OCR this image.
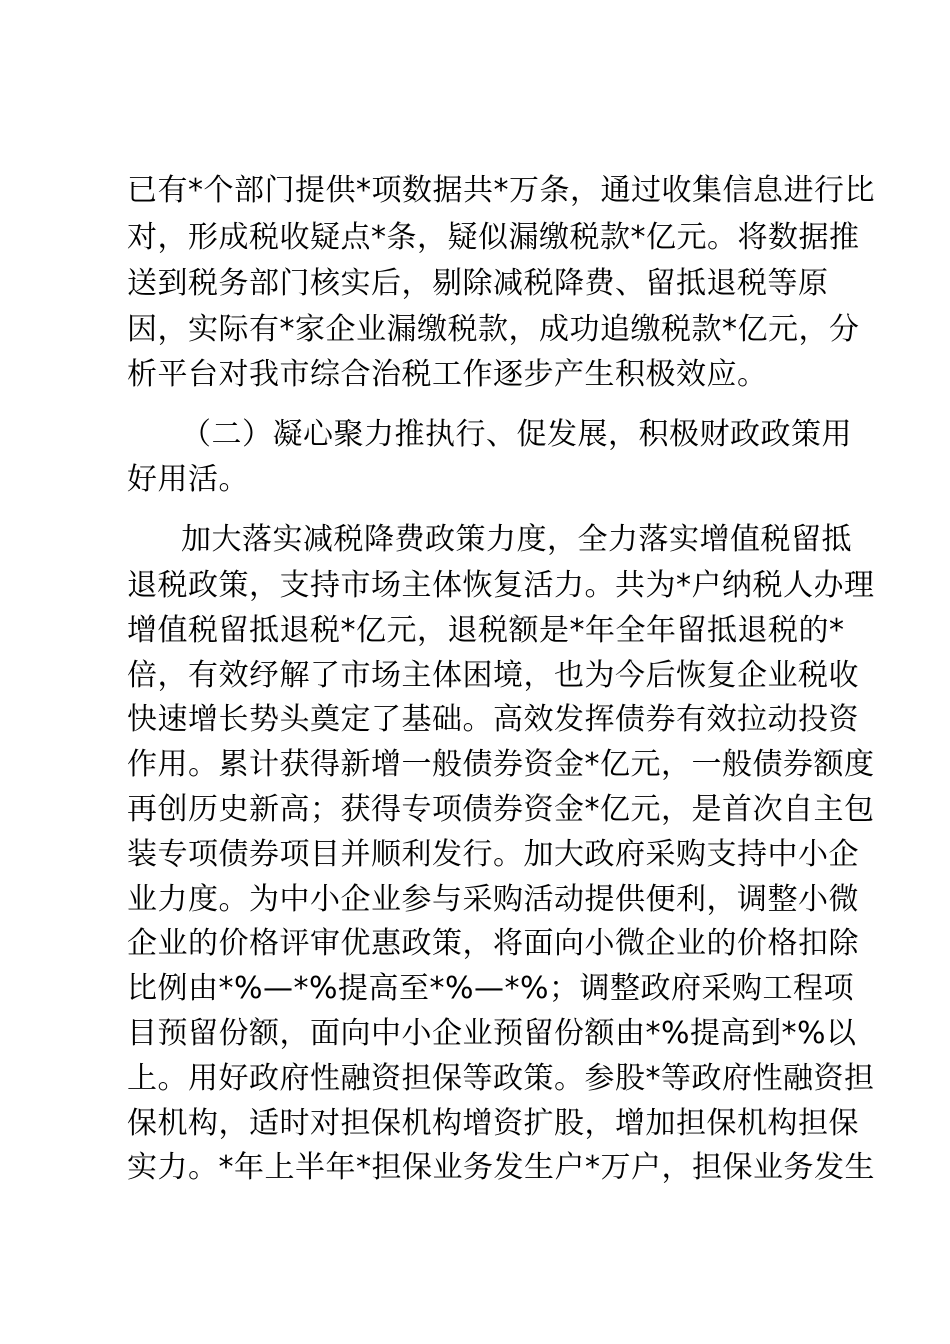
已有*个部门提供*项数据共*万条，通过收集信息进行比
对，形成税收疑点*条，疑似漏缴税款*亿元。将数据推
送到税务部门核实后，剔除减税降费、留抵退税等原
因，实际有*家企业漏缴税款，成功追缴税款*亿元，分
析平台对我市综合治税工作逐步产生积极效应。
（二）凝心聚力推执行、促发展，积极财政政策用
好用活。
加大落实减税降费政策力度，全力落实增值税留抵
退税政策，支持市场主体恢复活力。共为*户纳税人办理
增值税留抵退税*亿元，退税额是*年全年留抵退税的*
倍，有效纾解了市场主体困境，也为今后恢复企业税收
快速增长势头奠定了基础。高效发挥债券有效拉动投资
作用。累计获得新增一般债券资金*亿元，一般债券额度
再创历史新高；获得专项债券资金*亿元，是首次自主包
装专项债券项目并顺利发行。加大政府采购支持中小企
业力度。为中小企业参与采购活动提供便利，调整小微
企业的价格评审优惠政策，将面向小微企业的价格扣除
比例由*%—*%提高至*%—*%；调整政府采购工程项
目预留份额，面向中小企业预留份额由*%提高到*%以
上。用好政府性融资担保等政策。参股*等政府性融资担
保机构，适时对担保机构增资扩股，增加担保机构担保
实力。*年上半年*担保业务发生户*万户，担保业务发生
